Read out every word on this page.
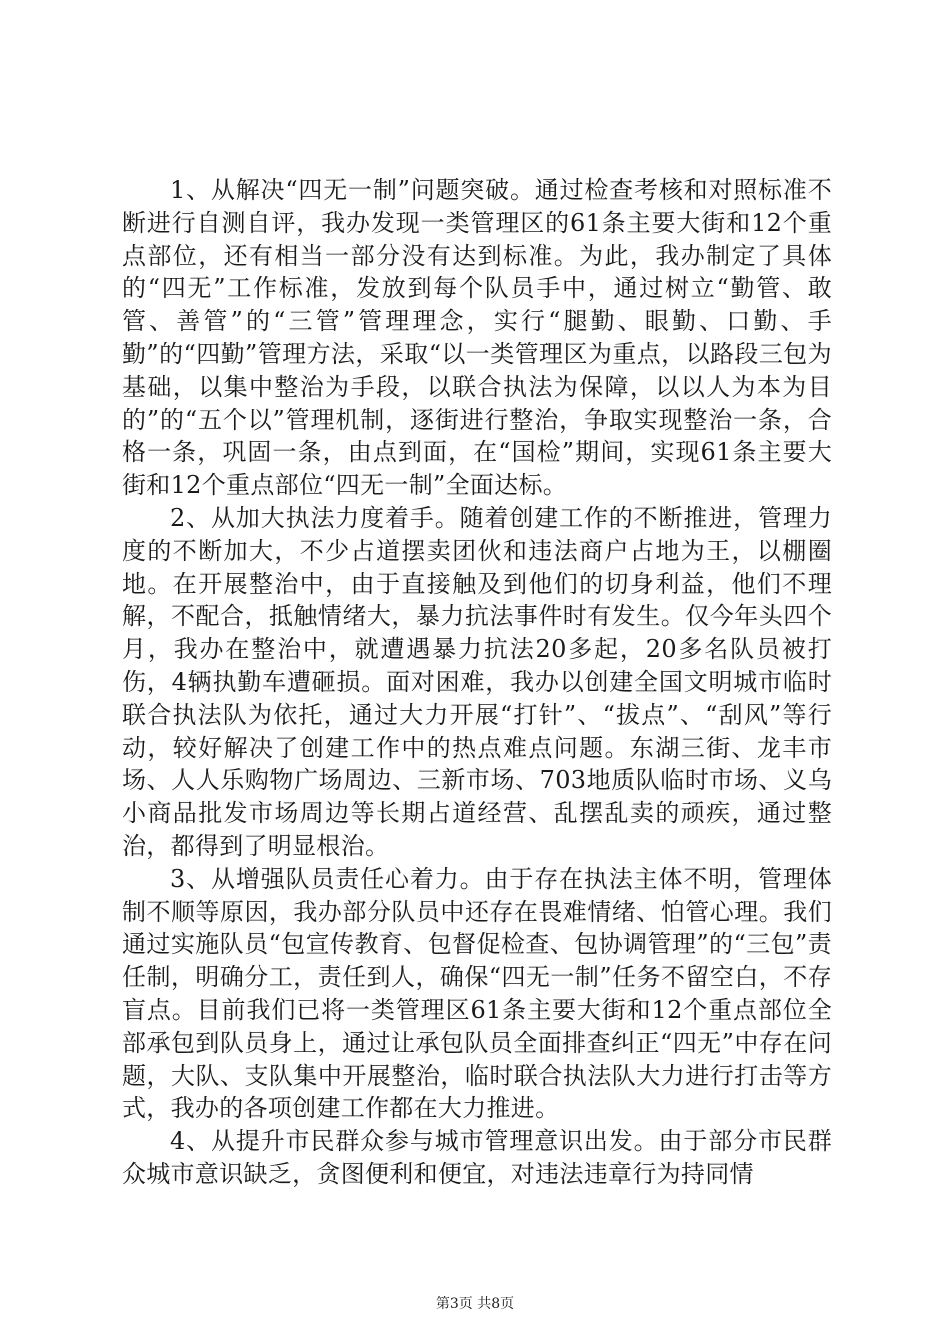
1、从解决“四无一制”问题突破。通过检查考核和对照标准不断进行自测自评，我办发现一类管理区的61条主要大街和12个重点部位，还有相当一部分没有达到标准。为此，我办制定了具体的“四无”工作标准，发放到每个队员手中，通过树立“勤管、敢管、善管”的“三管”管理理念，实行“腿勤、眼勤、口勤、手勤”的“四勤”管理方法，采取“以一类管理区为重点，以路段三包为基础，以集中整治为手段，以联合执法为保障，以以人为本为目的”的“五个以”管理机制，逐街进行整治，争取实现整治一条，合格一条，巩固一条，由点到面，在“国检”期间，实现61条主要大街和12个重点部位“四无一制”全面达标。

2、从加大执法力度着手。随着创建工作的不断推进，管理力度的不断加大，不少占道摆卖团伙和违法商户占地为王，以棚圈地。在开展整治中，由于直接触及到他们的切身利益，他们不理解，不配合，抵触情绪大，暴力抗法事件时有发生。仅今年头四个月，我办在整治中，就遭遇暴力抗法20多起，20多名队员被打伤，4辆执勤车遭砸损。面对困难，我办以创建全国文明城市临时联合执法队为依托，通过大力开展“打针”、“拔点”、“刮风”等行动，较好解决了创建工作中的热点难点问题。东湖三街、龙丰市场、人人乐购物广场周边、三新市场、703地质队临时市场、义乌小商品批发市场周边等长期占道经营、乱摆乱卖的顽疾，通过整治，都得到了明显根治。

3、从增强队员责任心着力。由于存在执法主体不明，管理体制不顺等原因，我办部分队员中还存在畏难情绪、怕管心理。我们通过实施队员“包宣传教育、包督促检查、包协调管理”的“三包”责任制，明确分工，责任到人，确保“四无一制”任务不留空白，不存盲点。目前我们已将一类管理区61条主要大街和12个重点部位全部承包到队员身上，通过让承包队员全面排查纠正“四无”中存在问题，大队、支队集中开展整治，临时联合执法队大力进行打击等方式，我办的各项创建工作都在大力推进。

4、从提升市民群众参与城市管理意识出发。由于部分市民群众城市意识缺乏，贪图便利和便宜，对违法违章行为持同情

第3页 共8页
